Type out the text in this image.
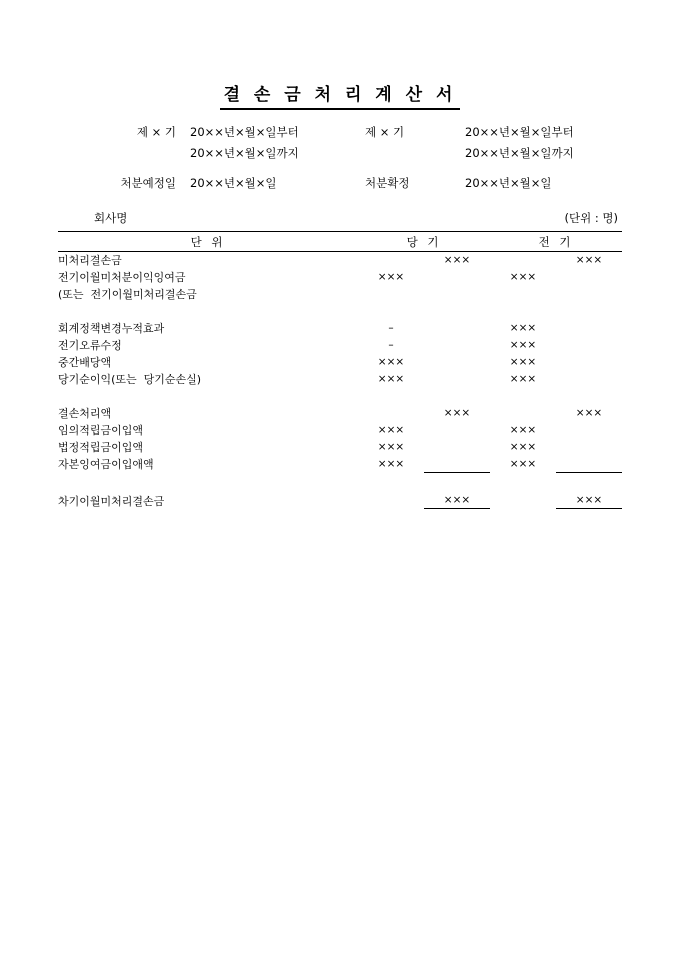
결 손 금 처 리 계 산 서
제 × 기	20××년×월×일부터	제 × 기	20××년×월×일부터
20××년×월×일까지	20××년×월×일까지
처분예정일	20××년×월×일	처분확정	20××년×월×일
회사명	(단위 : 명)
단 위	당 기		전 기	
미처리결손금		×××		×××
전기이월미처분이익잉여금	×××		×××	
(또는  전기이월미처리결손금				

회계정책변경누적효과	–		×××	
전기오류수정	–		×××	
중간배당액	×××		×××	
당기순이익(또는  당기순손실)	×××		×××	

결손처리액		×××		×××
임의적립금이입액	×××		×××	
법정적립금이입액	×××		×××	
자본잉여금이입애액	×××		×××	

차기이월미처리결손금		×××		×××
